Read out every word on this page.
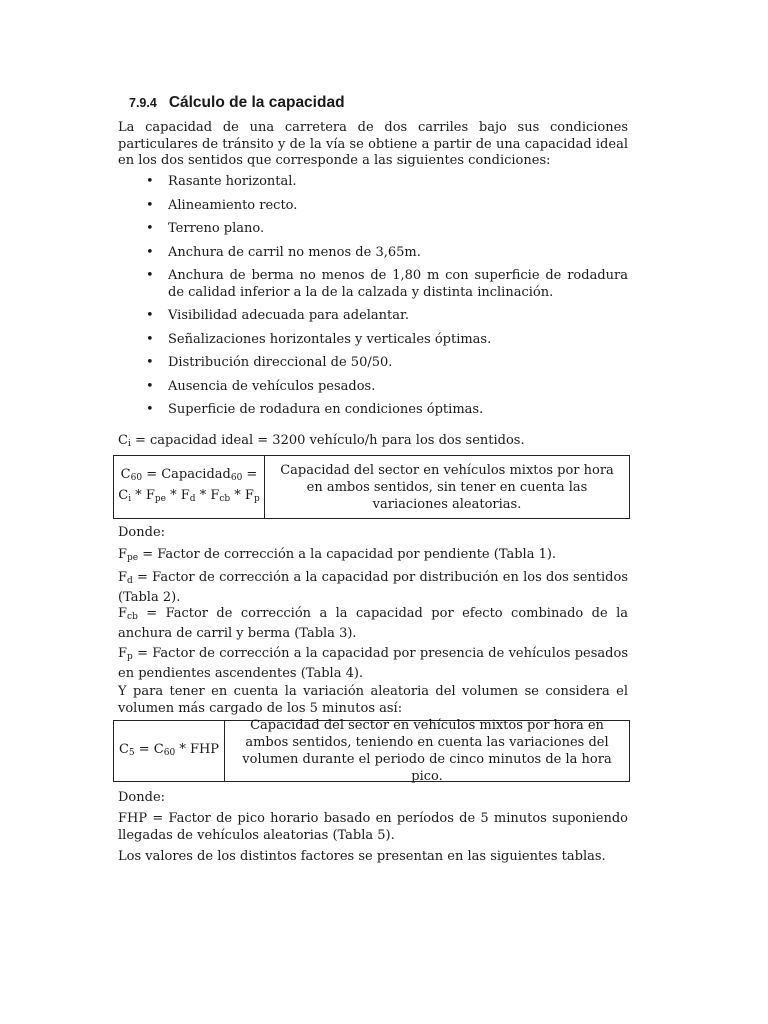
7.9.4 Cálculo de la capacidad

La capacidad de una carretera de dos carriles bajo sus condiciones particulares de tránsito y de la vía se obtiene a partir de una capacidad ideal en los dos sentidos que corresponde a las siguientes condiciones:

• Rasante horizontal.
• Alineamiento recto.
• Terreno plano.
• Anchura de carril no menos de 3,65m.
• Anchura de berma no menos de 1,80 m con superficie de rodadura de calidad inferior a la de la calzada y distinta inclinación.
• Visibilidad adecuada para adelantar.
• Señalizaciones horizontales y verticales óptimas.
• Distribución direccional de 50/50.
• Ausencia de vehículos pesados.
• Superficie de rodadura en condiciones óptimas.

$C_i$ = capacidad ideal = 3200 vehículo/h para los dos sentidos.

$C_{60}$ = Capacidad$_{60}$ =
$C_i * F_{pe} * F_d * F_{cb} * F_p$
Capacidad del sector en vehículos mixtos por hora en ambos sentidos, sin tener en cuenta las variaciones aleatorias.

Donde:

$F_{pe}$ = Factor de corrección a la capacidad por pendiente (Tabla 1).

$F_d$ = Factor de corrección a la capacidad por distribución en los dos sentidos (Tabla 2).

$F_{cb}$ = Factor de corrección a la capacidad por efecto combinado de la anchura de carril y berma (Tabla 3).

$F_p$ = Factor de corrección a la capacidad por presencia de vehículos pesados en pendientes ascendentes (Tabla 4).

Y para tener en cuenta la variación aleatoria del volumen se considera el volumen más cargado de los 5 minutos así:

$C_5 = C_{60}$ * FHP
Capacidad del sector en vehículos mixtos por hora en ambos sentidos, teniendo en cuenta las variaciones del volumen durante el periodo de cinco minutos de la hora pico.

Donde:

FHP = Factor de pico horario basado en períodos de 5 minutos suponiendo llegadas de vehículos aleatorias (Tabla 5).

Los valores de los distintos factores se presentan en las siguientes tablas.
